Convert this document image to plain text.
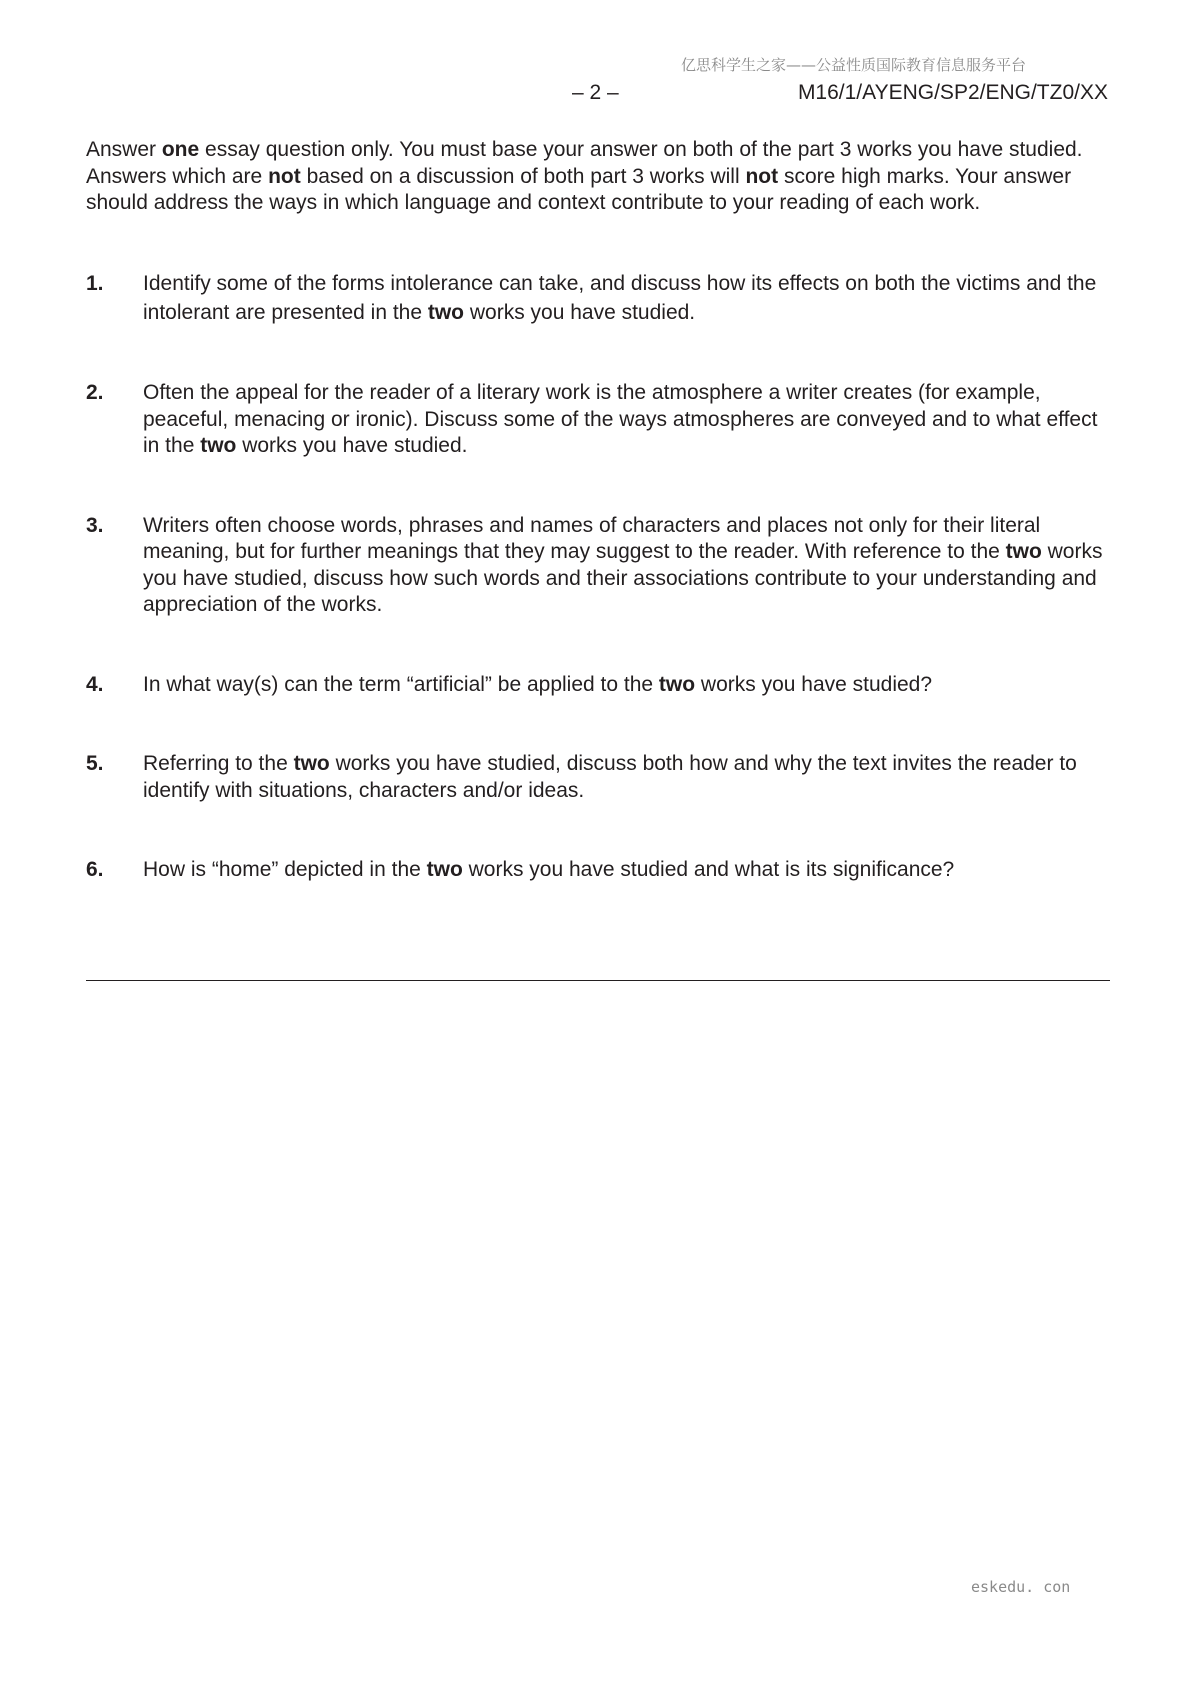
亿思科学生之家——公益性质国际教育信息服务平台
– 2 –	M16/1/AYENG/SP2/ENG/TZ0/XX
Answer one essay question only. You must base your answer on both of the part 3 works you have studied. Answers which are not based on a discussion of both part 3 works will not score high marks. Your answer should address the ways in which language and context contribute to your reading of each work.
1. Identify some of the forms intolerance can take, and discuss how its effects on both the victims and the intolerant are presented in the two works you have studied.
2. Often the appeal for the reader of a literary work is the atmosphere a writer creates (for example, peaceful, menacing or ironic). Discuss some of the ways atmospheres are conveyed and to what effect in the two works you have studied.
3. Writers often choose words, phrases and names of characters and places not only for their literal meaning, but for further meanings that they may suggest to the reader. With reference to the two works you have studied, discuss how such words and their associations contribute to your understanding and appreciation of the works.
4. In what way(s) can the term “artificial” be applied to the two works you have studied?
5. Referring to the two works you have studied, discuss both how and why the text invites the reader to identify with situations, characters and/or ideas.
6. How is “home” depicted in the two works you have studied and what is its significance?
eskedu. con
